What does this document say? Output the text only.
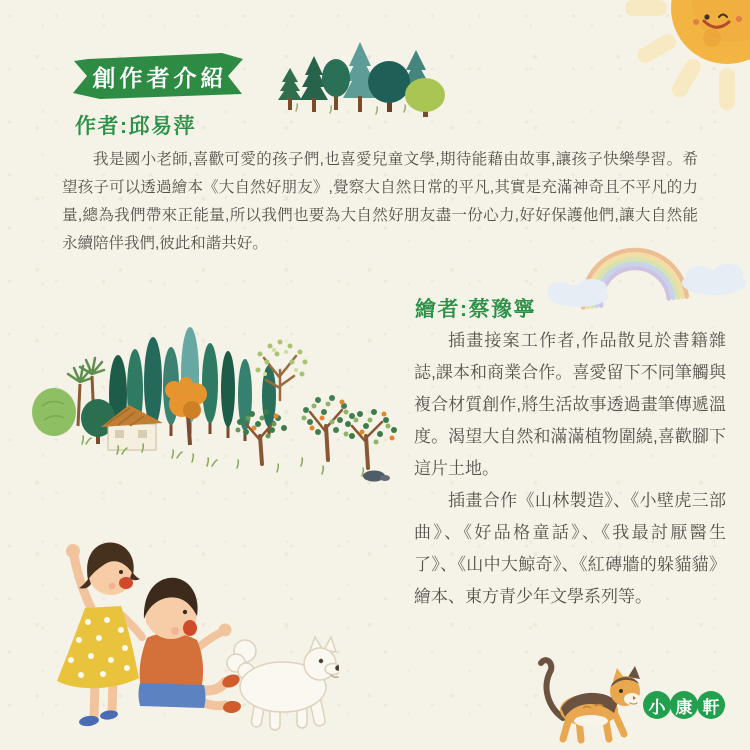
創作者介紹
作者:邱易萍

我是國小老師,喜歡可愛的孩子們,也喜愛兒童文學,期待能藉由故事,讓孩子快樂學習。希望孩子可以透過繪本《大自然好朋友》,覺察大自然日常的平凡,其實是充滿神奇且不平凡的力量,總為我們帶來正能量,所以我們也要為大自然好朋友盡一份心力,好好保護他們,讓大自然能永續陪伴我們,彼此和諧共好。

繪者:蔡豫寧

插畫接案工作者,作品散見於書籍雜誌,課本和商業合作。喜愛留下不同筆觸與複合材質創作,將生活故事透過畫筆傳遞溫度。渴望大自然和滿滿植物圍繞,喜歡腳下這片土地。

插畫合作《山林製造》、《小壁虎三部曲》、《好品格童話》、《我最討厭醫生了》、《山中大鯨奇》、《紅磚牆的躲貓貓》繪本、東方青少年文學系列等。

小 康 軒
